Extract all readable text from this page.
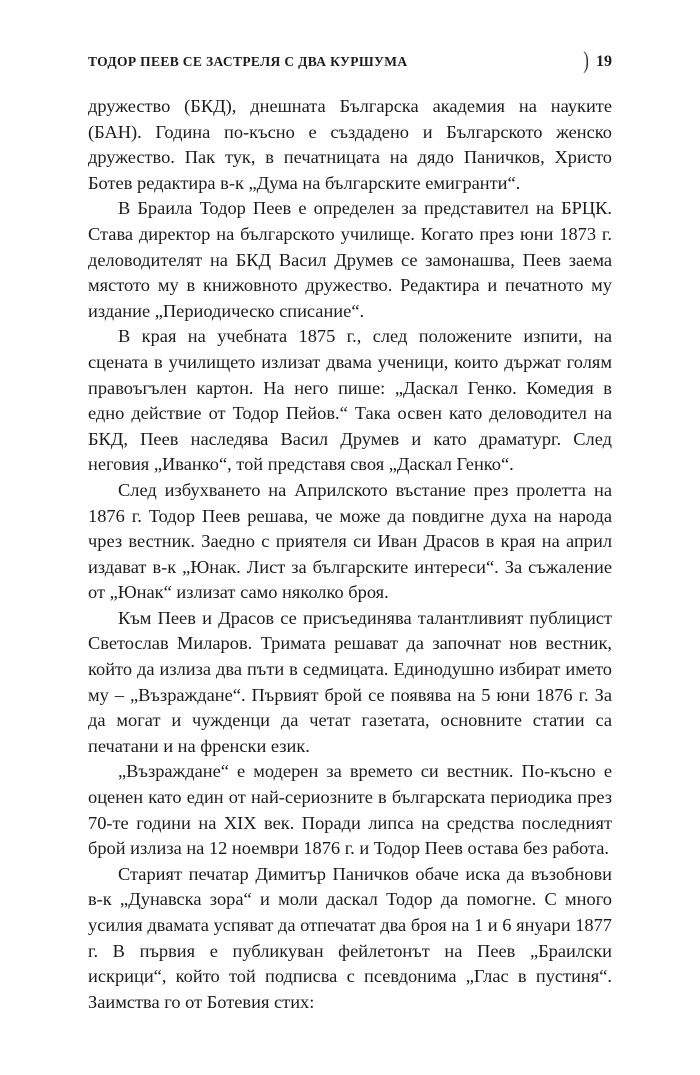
ТОДОР ПЕЕВ СЕ ЗАСТРЕЛЯ С ДВА КУРШУМА	) 19

дружество (БКД), днешната Българска академия на науките (БАН). Година по-късно е създадено и Българското женско дружество. Пак тук, в печатницата на дядо Паничков, Христо Ботев редактира в-к „Дума на българските емигранти“.

В Браила Тодор Пеев е определен за представител на БРЦК. Става директор на българското училище. Когато през юни 1873 г. деловодителят на БКД Васил Друмев се замонашва, Пеев заема мястото му в книжовното дружество. Редактира и печатното му издание „Периодическо списание“.

В края на учебната 1875 г., след положените изпити, на сцената в училището излизат двама ученици, които държат голям правоъгълен картон. На него пише: „Даскал Генко. Комедия в едно действие от Тодор Пейов.“ Така освен като деловодител на БКД, Пеев наследява Васил Друмев и като драматург. След неговия „Иванко“, той представя своя „Даскал Генко“.

След избухването на Априлското въстание през пролетта на 1876 г. Тодор Пеев решава, че може да повдигне духа на народа чрез вестник. Заедно с приятеля си Иван Драсов в края на април издават в-к „Юнак. Лист за българските интереси“. За съжаление от „Юнак“ излизат само няколко броя.

Към Пеев и Драсов се присъединява талантливият публицист Светослав Миларов. Тримата решават да започнат нов вестник, който да излиза два пъти в седмицата. Единодушно избират името му – „Възраждане“. Първият брой се появява на 5 юни 1876 г. За да могат и чужденци да четат газетата, основните статии са печатани и на френски език.

„Възраждане“ е модерен за времето си вестник. По-късно е оценен като един от най-сериозните в българската периодика през 70-те години на XIX век. Поради липса на средства последният брой излиза на 12 ноември 1876 г. и Тодор Пеев остава без работа.

Старият печатар Димитър Паничков обаче иска да възобнови в-к „Дунавска зора“ и моли даскал Тодор да помогне. С много усилия двамата успяват да отпечатат два броя на 1 и 6 януари 1877 г. В първия е публикуван фейлетонът на Пеев „Браилски искрици“, който той подписва с псевдонима „Глас в пустиня“. Заимства го от Ботевия стих:
